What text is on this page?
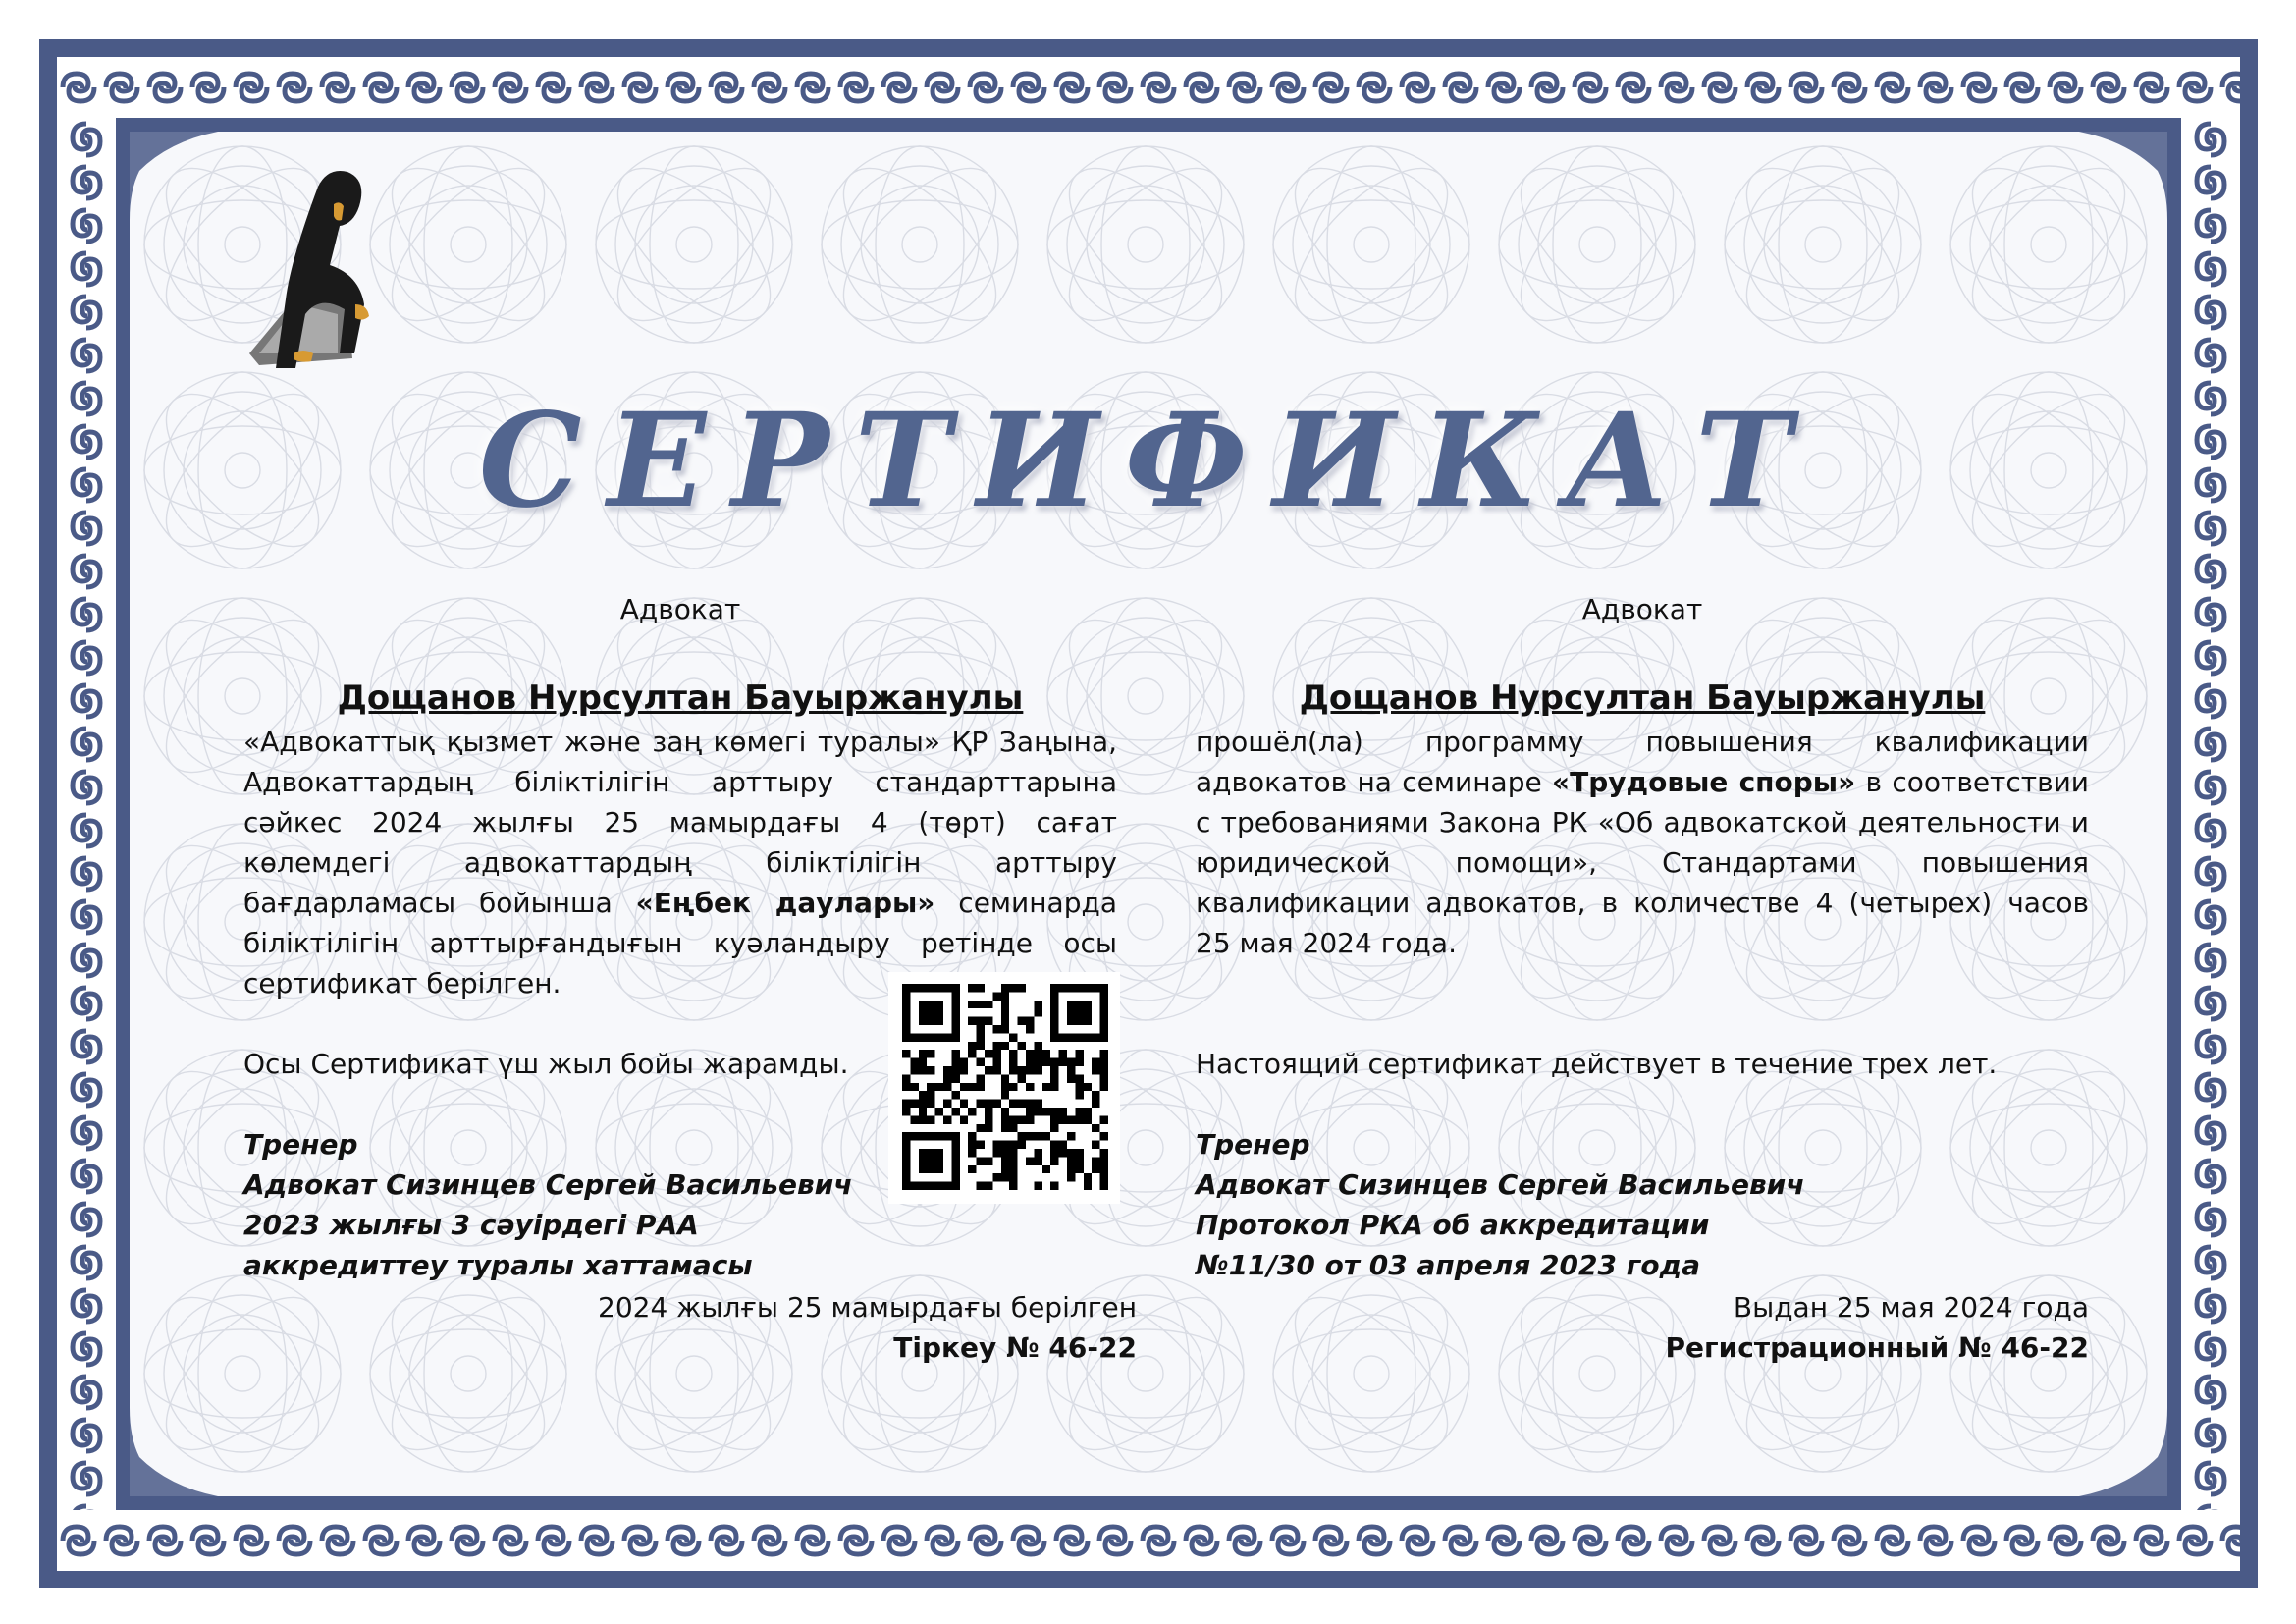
СЕРТИФИКАТ
Адвокат
Дощанов Нурсултан Бауыржанулы
«Адвокаттық қызмет және заң көмегі туралы» ҚР Заңына, Адвокаттардың біліктілігін арттыру стандарттарына сәйкес 2024 жылғы 25 мамырдағы 4 (төрт) сағат көлемдегі адвокаттардың біліктілігін арттыру бағдарламасы бойынша «Еңбек даулары» семинарда біліктілігін арттырғандығын куәландыру ретінде осы сертификат берілген.
Осы Сертификат үш жыл бойы жарамды.
Тренер
Адвокат Сизинцев Сергей Васильевич
2023 жылғы 3 сәуірдегі РАА
аккредиттеу туралы хаттамасы
2024 жылғы 25 мамырдағы берілген
Тіркеу № 46-22
Адвокат
Дощанов Нурсултан Бауыржанулы
прошёл(ла) программу повышения квалификации адвокатов на семинаре «Трудовые споры» в соответствии с требованиями Закона РК «Об адвокатской деятельности и юридической помощи», Стандартами повышения квалификации адвокатов, в количестве 4 (четырех) часов 25 мая 2024 года.
Настоящий сертификат действует в течение трех лет.
Тренер
Адвокат Сизинцев Сергей Васильевич
Протокол РКА об аккредитации
№11/30 от 03 апреля 2023 года
Выдан 25 мая 2024 года
Регистрационный № 46-22
